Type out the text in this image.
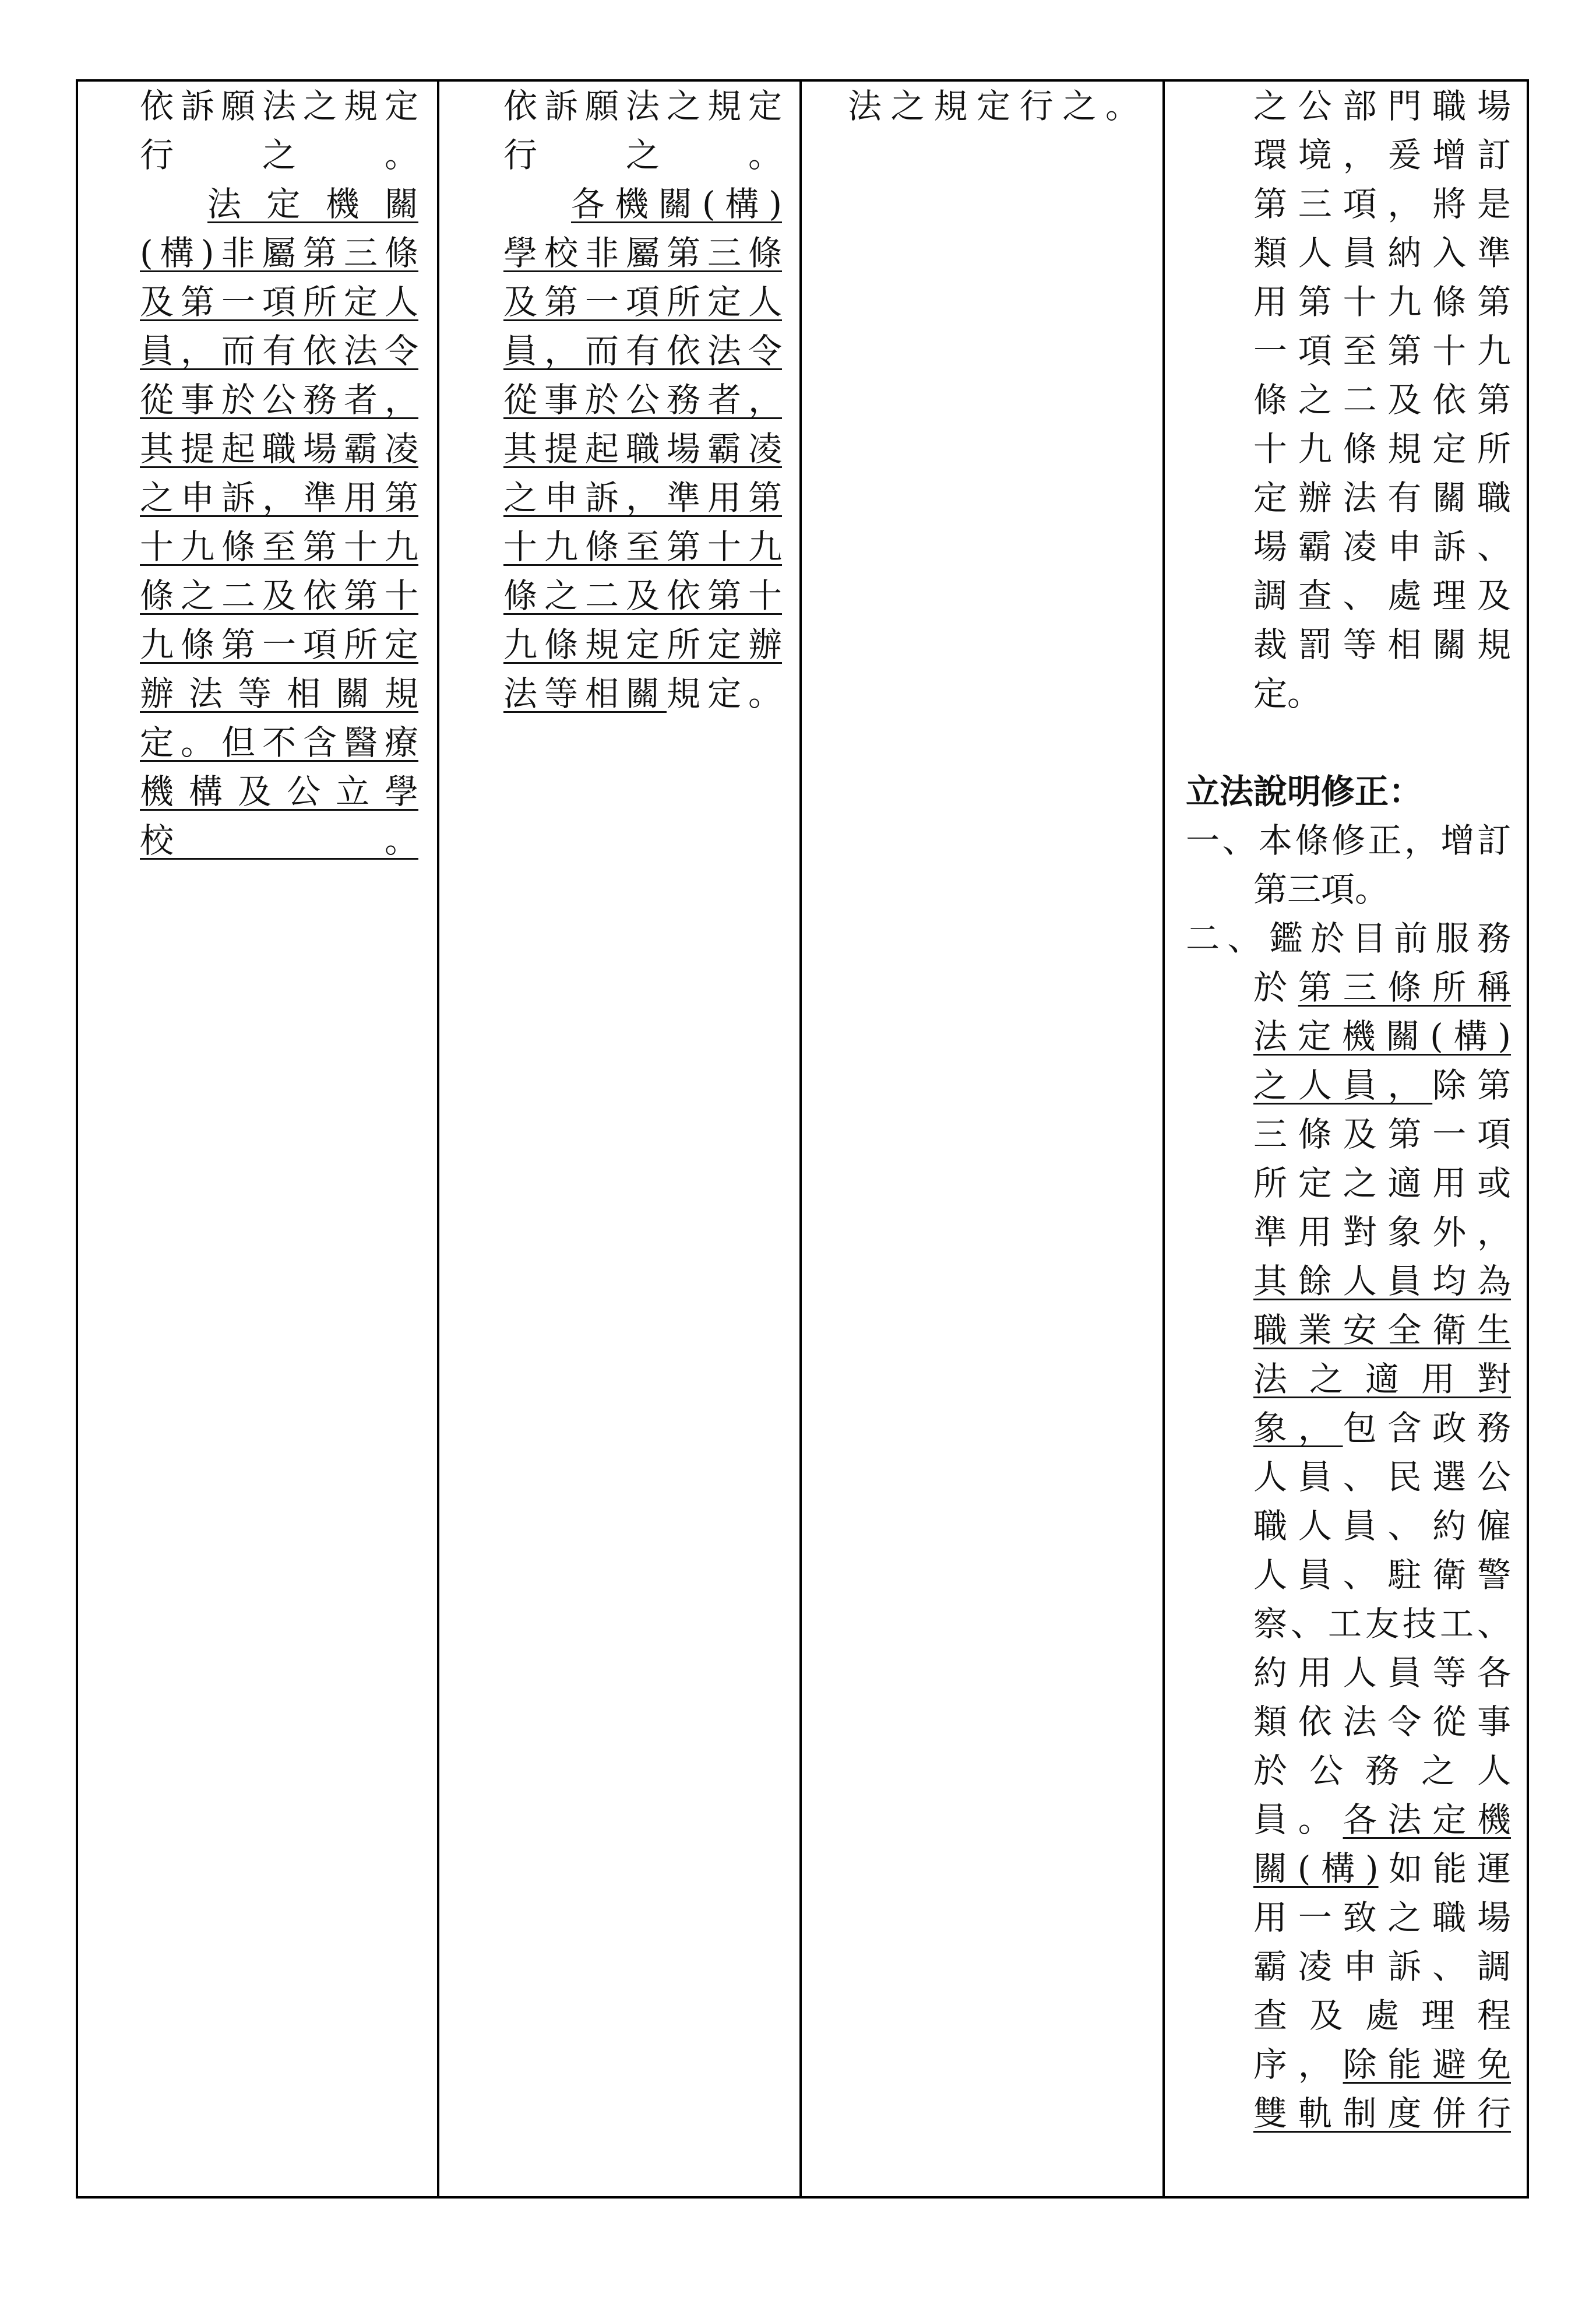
依訴願法之規定
行之。
法定機關
(構)非屬第三條
及第一項所定人
員，而有依法令
從事於公務者，
其提起職場霸凌
之申訴，準用第
十九條至第十九
條之二及依第十
九條第一項所定
辦法等相關規
定。但不含醫療
機構及公立學
校。
依訴願法之規定
行之。
各機關(構)
學校非屬第三條
及第一項所定人
員，而有依法令
從事於公務者，
其提起職場霸凌
之申訴，準用第
十九條至第十九
條之二及依第十
九條規定所定辦
法等相關規定。
法之規定行之。	之公部門職場
環境，爰增訂
第三項，將是
類人員納入準
用第十九條第
一項至第十九
條之二及依第
十九條規定所
定辦法有關職
場霸凌申訴、
調查、處理及
裁罰等相關規
定。
立法說明修正：
一、本條修正，增訂
第三項。
二、鑑於目前服務
於第三條所稱
法定機關(構)
之人員，除第
三條及第一項
所定之適用或
準用對象外，
其餘人員均為
職業安全衛生
法之適用對
象，包含政務
人員、民選公
職人員、約僱
人員、駐衛警
察、工友技工、
約用人員等各
類依法令從事
於公務之人
員。各法定機
關(構)如能運
用一致之職場
霸凌申訴、調
查及處理程
序，除能避免
雙軌制度併行
